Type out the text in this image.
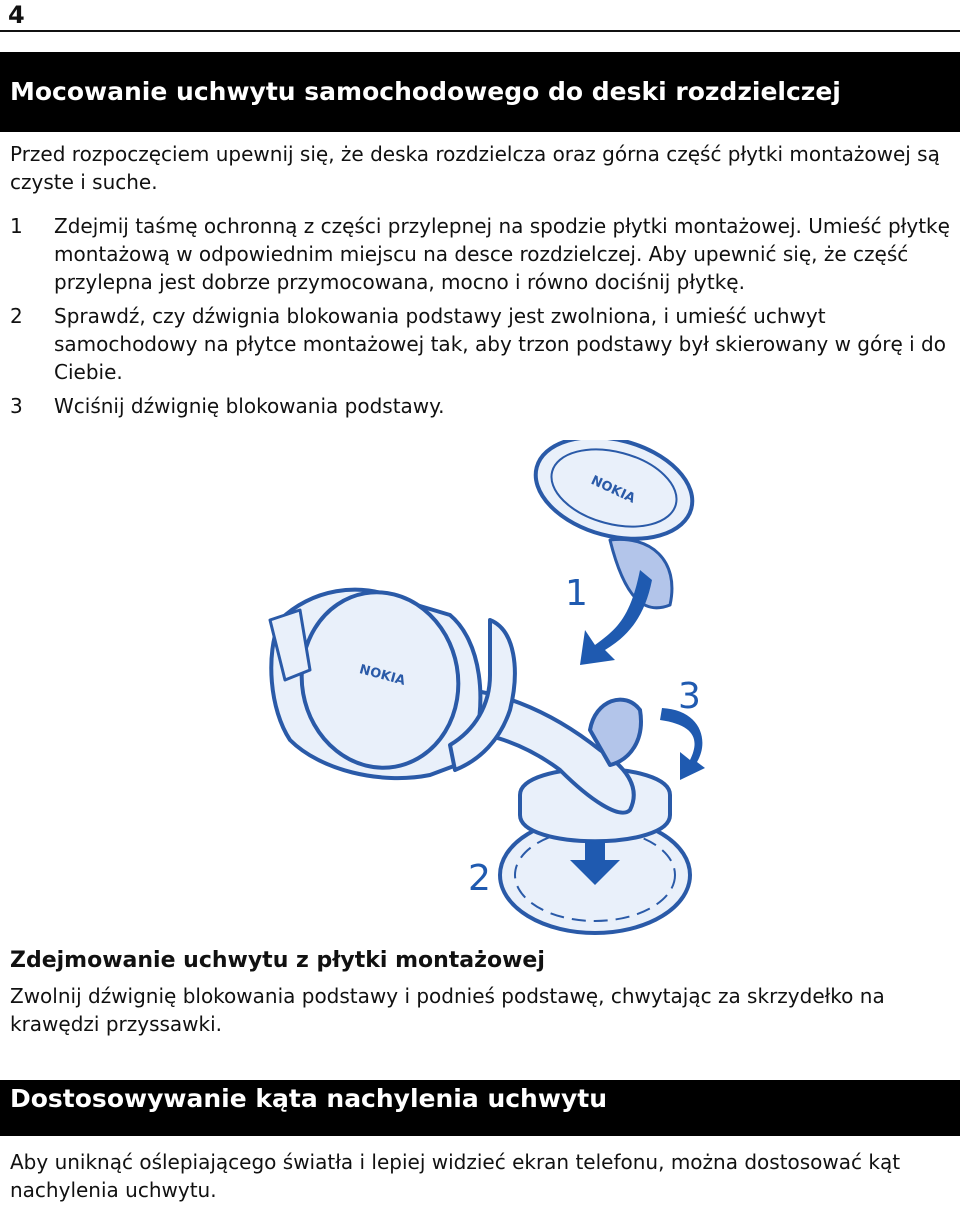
4
Mocowanie uchwytu samochodowego do deski rozdzielczej

Przed rozpoczęciem upewnij się, że deska rozdzielcza oraz górna część płytki montażowej są czyste i suche.

1 Zdejmij taśmę ochronną z części przylepnej na spodzie płytki montażowej. Umieść płytkę montażową w odpowiednim miejscu na desce rozdzielczej. Aby upewnić się, że część przylepna jest dobrze przymocowana, mocno i równo dociśnij płytkę.
2 Sprawdź, czy dźwignia blokowania podstawy jest zwolniona, i umieść uchwyt samochodowy na płytce montażowej tak, aby trzon podstawy był skierowany w górę i do Ciebie.
3 Wciśnij dźwignię blokowania podstawy.
NOKIA
NOKIA
1
2
3
Zdejmowanie uchwytu z płytki montażowej

Zwolnij dźwignię blokowania podstawy i podnieś podstawę, chwytając za skrzydełko na krawędzi przyssawki.

Dostosowywanie kąta nachylenia uchwytu

Aby uniknąć oślepiającego światła i lepiej widzieć ekran telefonu, można dostosować kąt nachylenia uchwytu.
